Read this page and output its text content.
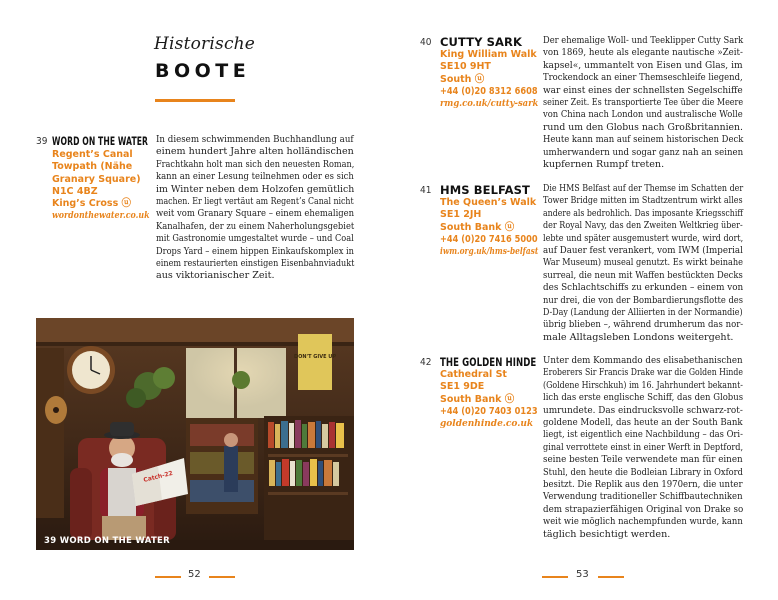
Historische
BOOTE
39 WORD ON THE WATER
Regent’s Canal
Towpath (Nähe
Granary Square)
N1C 4BZ
King’s Cross ⓤ
wordonthewater.co.uk
In diesem schwimmenden Buchhandlung auf
einem hundert Jahre alten holländischen
Frachtkahn holt man sich den neuesten Roman,
kann an einer Lesung teilnehmen oder es sich
im Winter neben dem Holzofen gemütlich
machen. Er liegt vertäut am Regent’s Canal nicht
weit vom Granary Square – einem ehemaligen
Kanalhafen, der zu einem Naherholungsgebiet
mit Gastronomie umgestaltet wurde – und Coal
Drops Yard – einem hippen Einkaufskomplex in
einem restaurierten einstigen Eisenbahnviadukt
aus viktorianischer Zeit.
DON'T GIVE UP
Catch-22
39 WORD ON THE WATER
40 CUTTY SARK
King William Walk
SE10 9HT
South ⓤ
+44 (0)20 8312 6608
rmg.co.uk/cutty-sark
Der ehemalige Woll- und Teeklipper Cutty Sark
von 1869, heute als elegante nautische »Zeit-
kapsel«, ummantelt von Eisen und Glas, im
Trockendock an einer Themseschleife liegend,
war einst eines der schnellsten Segelschiffe
seiner Zeit. Es transportierte Tee über die Meere
von China nach London und australische Wolle
rund um den Globus nach Großbritannien.
Heute kann man auf seinem historischen Deck
umherwandern und sogar ganz nah an seinen
kupfernen Rumpf treten.
41 HMS BELFAST
The Queen’s Walk
SE1 2JH
South Bank ⓤ
+44 (0)20 7416 5000
iwm.org.uk/hms-belfast
Die HMS Belfast auf der Themse im Schatten der
Tower Bridge mitten im Stadtzentrum wirkt alles
andere als bedrohlich. Das imposante Kriegsschiff
der Royal Navy, das den Zweiten Weltkrieg über-
lebte und später ausgemustert wurde, wird dort,
auf Dauer fest verankert, vom IWM (Imperial
War Museum) museal genutzt. Es wirkt beinahe
surreal, die neun mit Waffen bestückten Decks
des Schlachtschiffs zu erkunden – einem von
nur drei, die von der Bombardierungsflotte des
D-Day (Landung der Alliierten in der Normandie)
übrig blieben –, während drumherum das nor-
male Alltagsleben Londons weitergeht.
42 THE GOLDEN HINDE
Cathedral St
SE1 9DE
South Bank ⓤ
+44 (0)20 7403 0123
goldenhinde.co.uk
Unter dem Kommando des elisabethanischen
Eroberers Sir Francis Drake war die Golden Hinde
(Goldene Hirschkuh) im 16. Jahrhundert bekannt-
lich das erste englische Schiff, das den Globus
umrundete. Das eindrucksvolle schwarz-rot-
goldene Modell, das heute an der South Bank
liegt, ist eigentlich eine Nachbildung – das Ori-
ginal verrottete einst in einer Werft in Deptford,
seine besten Teile verwendete man für einen
Stuhl, den heute die Bodleian Library in Oxford
besitzt. Die Replik aus den 1970ern, die unter
Verwendung traditioneller Schiffbautechniken
dem strapazierfähigen Original von Drake so
weit wie möglich nachempfunden wurde, kann
täglich besichtigt werden.
52	53
